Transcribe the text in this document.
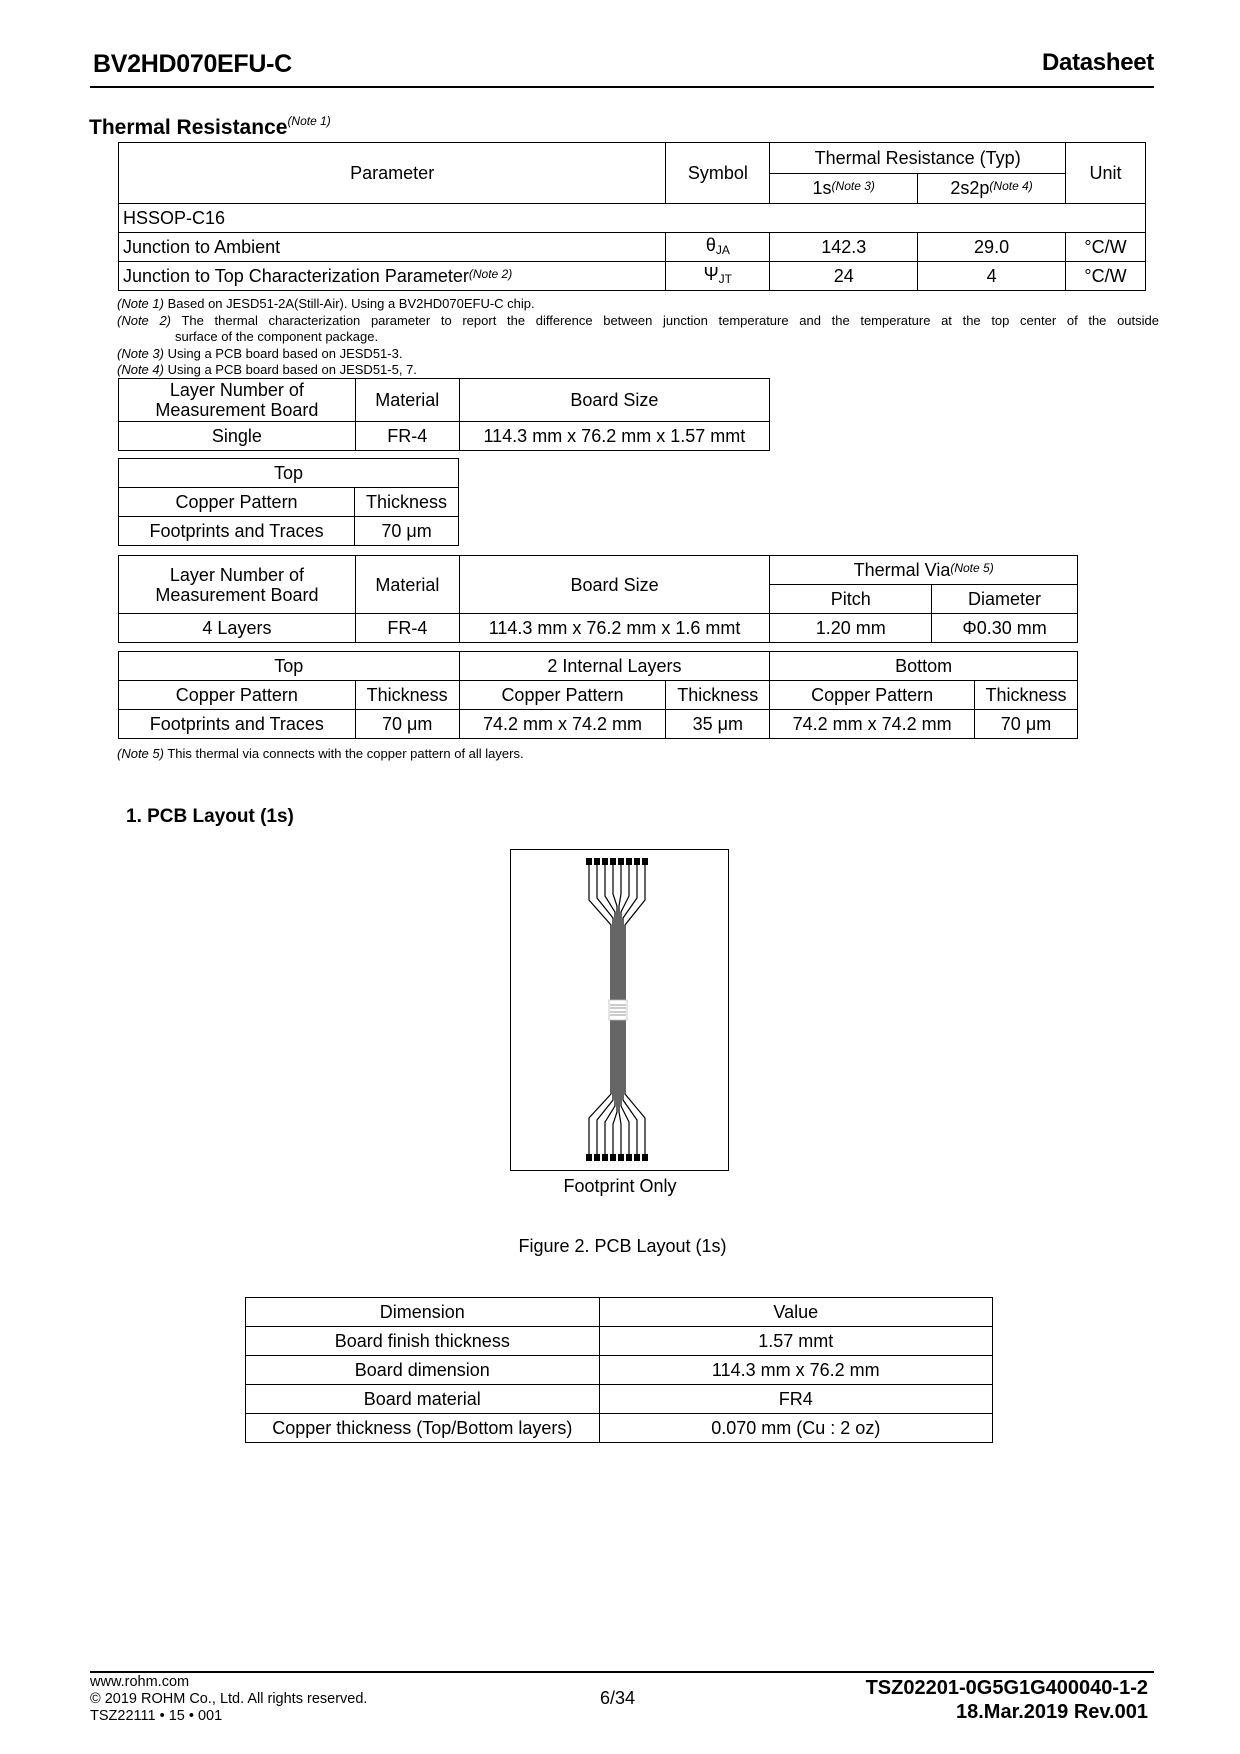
BV2HD070EFU-C	Datasheet
Thermal Resistance$^{(Note 1)}$
Parameter	Symbol	Thermal Resistance (Typ)		Unit
		$1s^{(Note 3)}$	$2s2p^{(Note 4)}$
HSSOP-C16				
Junction to Ambient	$\theta_{JA}$	142.3	29.0	°C/W
Junction to Top Characterization Parameter$^{(Note 2)}$	$\Psi_{JT}$	24	4	°C/W
(Note 1) Based on JESD51-2A(Still-Air). Using a BV2HD070EFU-C chip.
(Note 2) The thermal characterization parameter to report the difference between junction temperature and the temperature at the top center of the outside
surface of the component package.
(Note 3) Using a PCB board based on JESD51-3.
(Note 4) Using a PCB board based on JESD51-5, 7.
Layer Number of Measurement Board	Material	Board Size
Single	FR-4	114.3 mm x 76.2 mm x 1.57 mmt
Top	
Copper Pattern	Thickness
Footprints and Traces	70 μm
Layer Number of Measurement Board	Material	Board Size	Thermal Via$^{(Note 5)}$
			Pitch	Diameter
4 Layers	FR-4	114.3 mm x 76.2 mm x 1.6 mmt	1.20 mm	Φ0.30 mm
Top		2 Internal Layers		Bottom	
Copper Pattern	Thickness	Copper Pattern	Thickness	Copper Pattern	Thickness
Footprints and Traces	70 μm	74.2 mm x 74.2 mm	35 μm	74.2 mm x 74.2 mm	70 μm
(Note 5) This thermal via connects with the copper pattern of all layers.
1. PCB Layout (1s)
Footprint Only
Figure 2. PCB Layout (1s)
Dimension	Value
Board finish thickness	1.57 mmt
Board dimension	114.3 mm x 76.2 mm
Board material	FR4
Copper thickness (Top/Bottom layers)	0.070 mm (Cu : 2 oz)
www.rohm.com
© 2019 ROHM Co., Ltd. All rights reserved.
TSZ22111 • 15 • 001
6/34	TSZ02201-0G5G1G400040-1-2
18.Mar.2019 Rev.001
